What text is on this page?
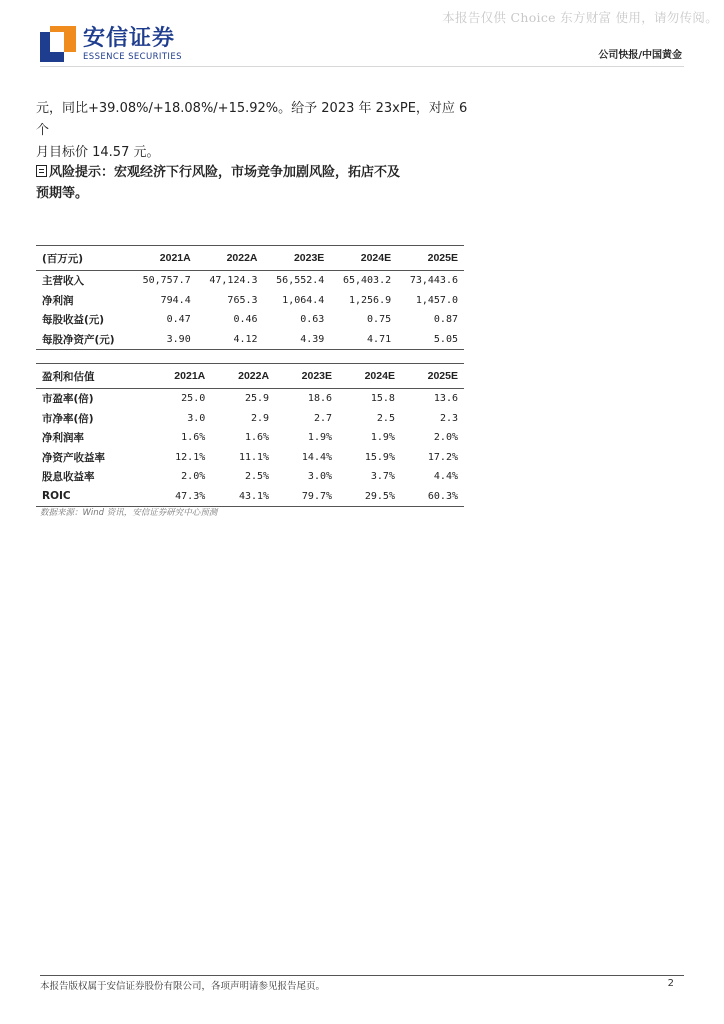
本报告仅供 Choice 东方财富 使用，请勿传阅。
安信证券
ESSENCE SECURITIES	公司快报/中国黄金
元，同比+39.08%/+18.08%/+15.92%。给予 2023 年 23xPE，对应 6 个
月目标价 14.57 元。
风险提示：宏观经济下行风险，市场竞争加剧风险，拓店不及
预期等。
(百万元)	2021A	2022A	2023E	2024E	2025E
主营收入	50,757.7	47,124.3	56,552.4	65,403.2	73,443.6
净利润	794.4	765.3	1,064.4	1,256.9	1,457.0
每股收益(元)	0.47	0.46	0.63	0.75	0.87
每股净资产(元)	3.90	4.12	4.39	4.71	5.05
盈利和估值	2021A	2022A	2023E	2024E	2025E
市盈率(倍)	25.0	25.9	18.6	15.8	13.6
市净率(倍)	3.0	2.9	2.7	2.5	2.3
净利润率	1.6%	1.6%	1.9%	1.9%	2.0%
净资产收益率	12.1%	11.1%	14.4%	15.9%	17.2%
股息收益率	2.0%	2.5%	3.0%	3.7%	4.4%
ROIC	47.3%	43.1%	79.7%	29.5%	60.3%
数据来源：Wind 资讯，安信证券研究中心预测
本报告版权属于安信证券股份有限公司，各项声明请参见报告尾页。	2
